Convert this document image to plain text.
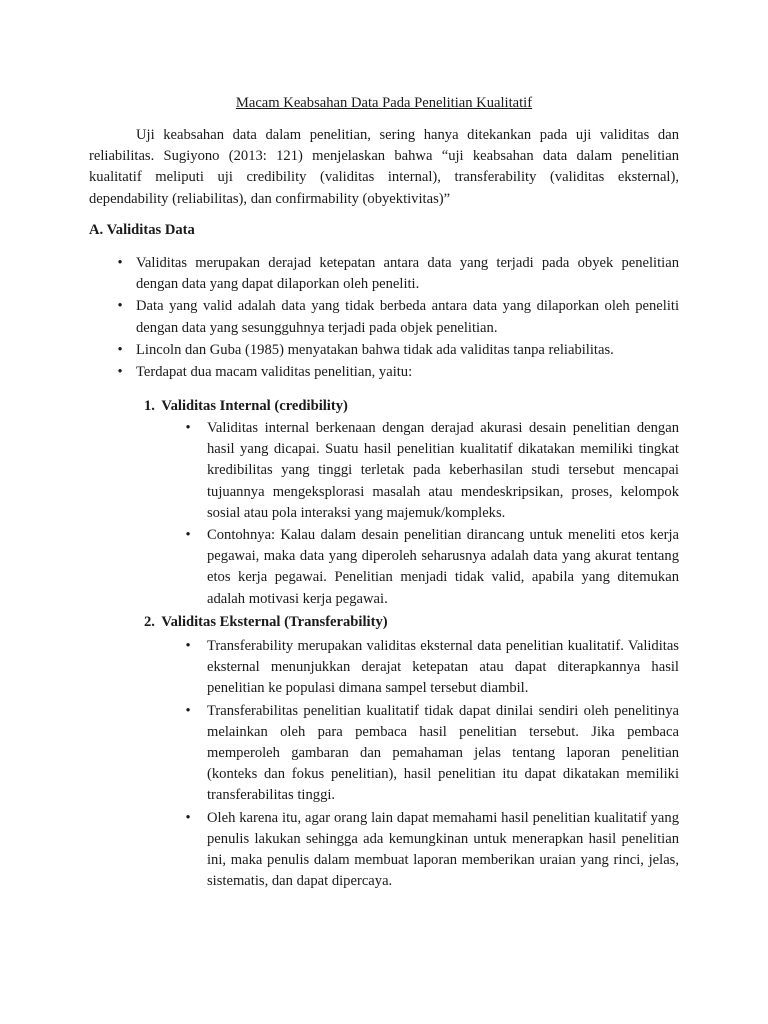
Macam Keabsahan Data Pada Penelitian Kualitatif

Uji keabsahan data dalam penelitian, sering hanya ditekankan pada uji validitas dan reliabilitas. Sugiyono (2013: 121) menjelaskan bahwa “uji keabsahan data dalam penelitian kualitatif meliputi uji credibility (validitas internal), transferability (validitas eksternal), dependability (reliabilitas), dan confirmability (obyektivitas)”

A. Validitas Data
• Validitas merupakan derajad ketepatan antara data yang terjadi pada obyek penelitian dengan data yang dapat dilaporkan oleh peneliti.
• Data yang valid adalah data yang tidak berbeda antara data yang dilaporkan oleh peneliti dengan data yang sesungguhnya terjadi pada objek penelitian.
• Lincoln dan Guba (1985) menyatakan bahwa tidak ada validitas tanpa reliabilitas.
• Terdapat dua macam validitas penelitian, yaitu:
1. Validitas Internal (credibility)
•	Validitas internal berkenaan dengan derajad akurasi desain penelitian dengan hasil yang dicapai. Suatu hasil penelitian kualitatif dikatakan memiliki tingkat kredibilitas yang tinggi terletak pada keberhasilan studi tersebut mencapai tujuannya mengeksplorasi masalah atau mendeskripsikan, proses, kelompok sosial atau pola interaksi yang majemuk/kompleks.
•	Contohnya: Kalau dalam desain penelitian dirancang untuk meneliti etos kerja pegawai, maka data yang diperoleh seharusnya adalah data yang akurat tentang etos kerja pegawai. Penelitian menjadi tidak valid, apabila yang ditemukan adalah motivasi kerja pegawai.
2. Validitas Eksternal (Transferability)
•	Transferability merupakan validitas eksternal data penelitian kualitatif. Validitas eksternal menunjukkan derajat ketepatan atau dapat diterapkannya hasil penelitian ke populasi dimana sampel tersebut diambil.
•	Transferabilitas penelitian kualitatif tidak dapat dinilai sendiri oleh penelitinya melainkan oleh para pembaca hasil penelitian tersebut. Jika pembaca memperoleh gambaran dan pemahaman jelas tentang laporan penelitian (konteks dan fokus penelitian), hasil penelitian itu dapat dikatakan memiliki transferabilitas tinggi.
•	Oleh karena itu, agar orang lain dapat memahami hasil penelitian kualitatif yang penulis lakukan sehingga ada kemungkinan untuk menerapkan hasil penelitian ini, maka penulis dalam membuat laporan memberikan uraian yang rinci, jelas, sistematis, dan dapat dipercaya.
